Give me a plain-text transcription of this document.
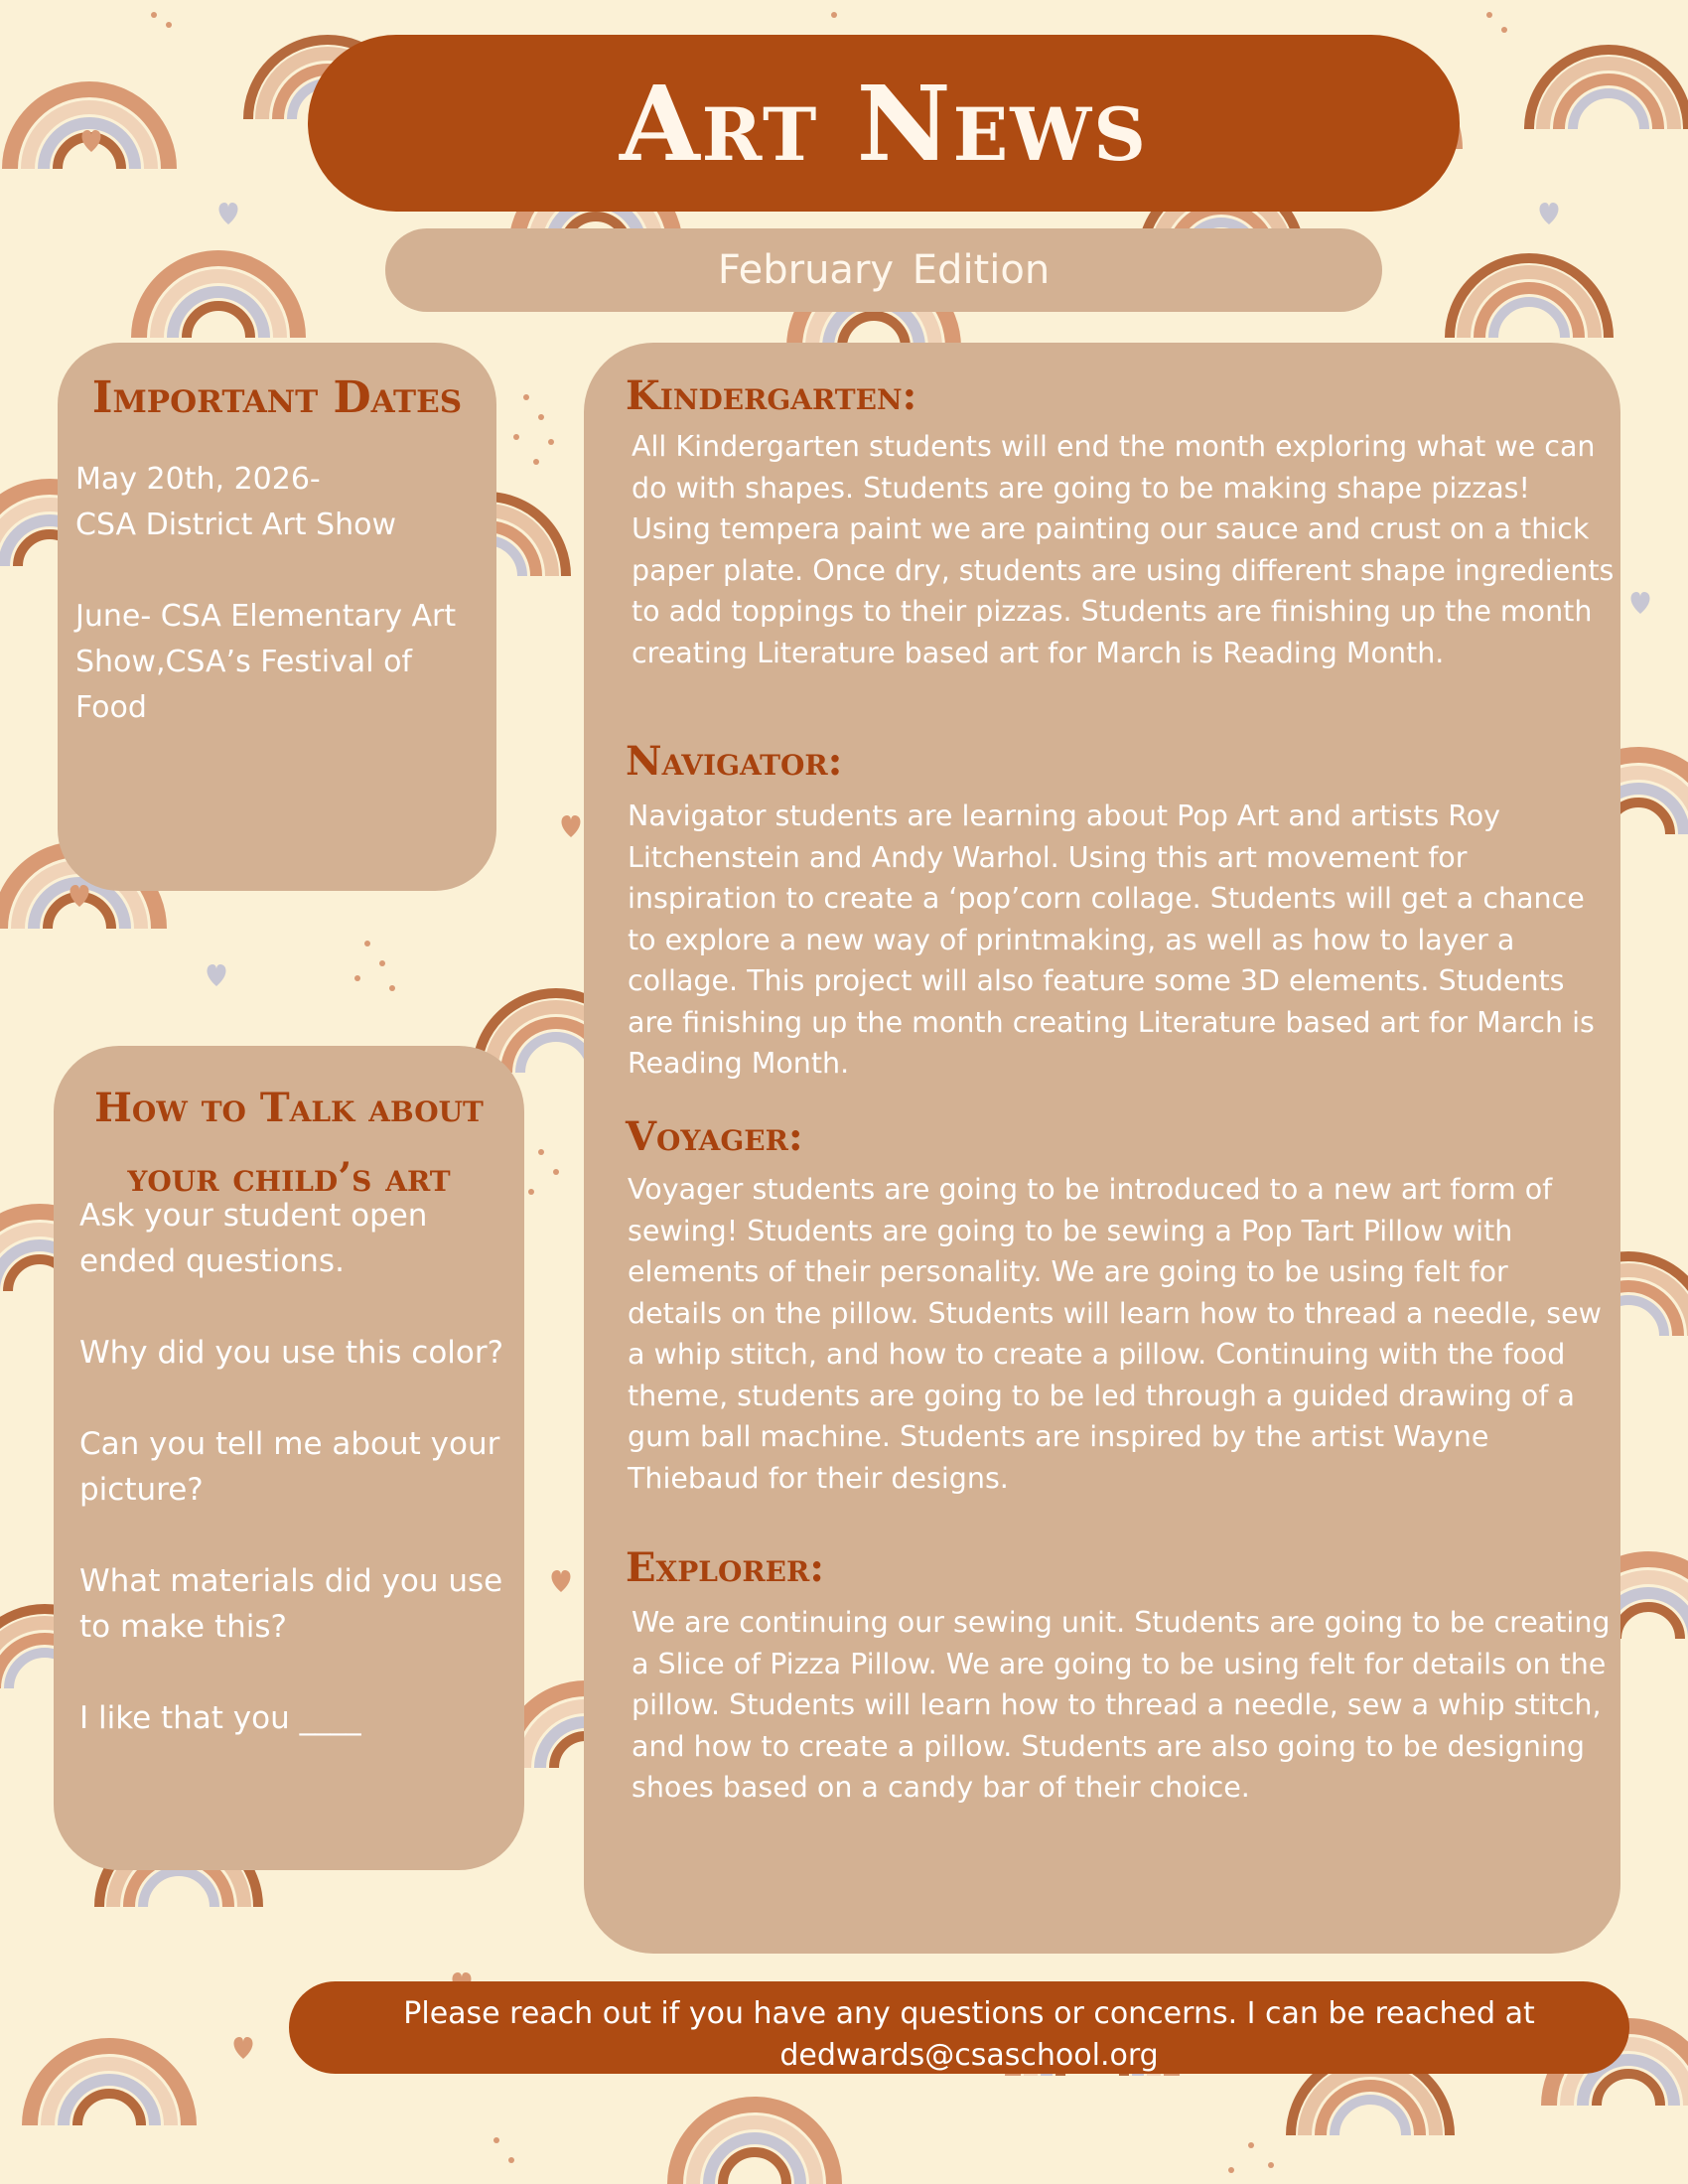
Art News
February Edition
Important Dates
May 20th, 2026-
CSA District Art Show

June- CSA Elementary Art Show,CSA’s Festival of Food
How to Talk about your child’s art
Ask your student open ended questions.

Why did you use this color?

Can you tell me about your picture?

What materials did you use to make this?

I like that you ____
Kindergarten:
All Kindergarten students will end the month exploring what we can do with shapes. Students are going to be making shape pizzas! Using tempera paint we are painting our sauce and crust on a thick paper plate. Once dry, students are using different shape ingredients to add toppings to their pizzas. Students are finishing up the month creating Literature based art for March is Reading Month.
Navigator:
Navigator students are learning about Pop Art and artists Roy Litchenstein and Andy Warhol. Using this art movement for inspiration to create a ‘pop’corn collage. Students will get a chance to explore a new way of printmaking, as well as how to layer a collage. This project will also feature some 3D elements. Students are finishing up the month creating Literature based art for March is Reading Month.
Voyager:
Voyager students are going to be introduced to a new art form of sewing! Students are going to be sewing a Pop Tart Pillow with elements of their personality. We are going to be using felt for details on the pillow. Students will learn how to thread a needle, sew a whip stitch, and how to create a pillow. Continuing with the food theme, students are going to be led through a guided drawing of a gum ball machine. Students are inspired by the artist Wayne Thiebaud for their designs.
Explorer:
We are continuing our sewing unit. Students are going to be creating a Slice of Pizza Pillow. We are going to be using felt for details on the pillow. Students will learn how to thread a needle, sew a whip stitch, and how to create a pillow. Students are also going to be designing shoes based on a candy bar of their choice.
Please reach out if you have any questions or concerns. I can be reached at dedwards@csaschool.org
